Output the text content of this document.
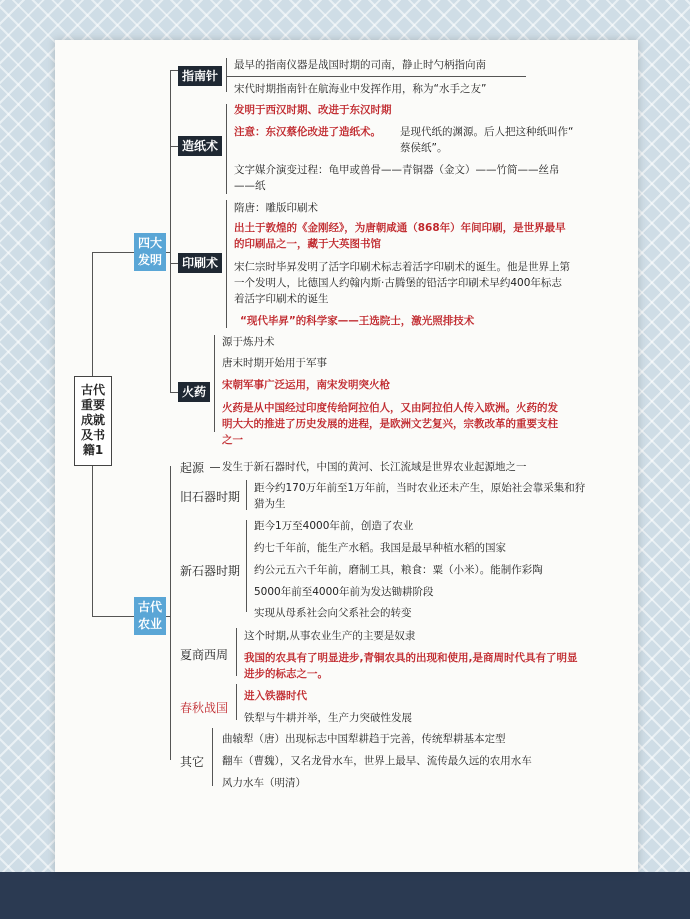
古代
重要
成就
及书
籍1
四大
发明
古代
农业
指南针
造纸术
印刷术
火药
最早的指南仪器是战国时期的司南，静止时勺柄指向南
宋代时期指南针在航海业中发挥作用，称为“水手之友”
发明于西汉时期、改进于东汉时期
注意：东汉蔡伦改进了造纸术。 是现代纸的渊源。后人把这种纸叫作“
蔡侯纸”。
文字媒介演变过程：龟甲或兽骨——青铜器（金文）——竹简——丝帛
——纸
隋唐：雕版印刷术
出土于敦煌的《金刚经》，为唐朝咸通（868年）年间印刷，是世界最早
的印刷品之一，藏于大英图书馆
宋仁宗时毕昇发明了活字印刷术标志着活字印刷术的诞生。他是世界上第
一个发明人，比德国人约翰内斯·古腾堡的铅活字印刷术早约400年标志
着活字印刷术的诞生
“现代毕昇”的科学家——王选院士，激光照排技术
源于炼丹术
唐末时期开始用于军事
宋朝军事广泛运用，南宋发明突火枪
火药是从中国经过印度传给阿拉伯人，又由阿拉伯人传入欧洲。火药的发
明大大的推进了历史发展的进程，是欧洲文艺复兴，宗教改革的重要支柱
之一
起源 发生于新石器时代，中国的黄河、长江流域是世界农业起源地之一
旧石器时期
距今约170万年前至1万年前，当时农业还未产生，原始社会靠采集和狩
猎为生
新石器时期
距今1万至4000年前，创造了农业
约七千年前，能生产水稻。我国是最早种植水稻的国家
约公元五六千年前，磨制工具，粮食：粟（小米）。能制作彩陶
5000年前至4000年前为发达锄耕阶段
实现从母系社会向父系社会的转变
夏商西周
这个时期,从事农业生产的主要是奴隶
我国的农具有了明显进步,青铜农具的出现和使用,是商周时代具有了明显
进步的标志之一。
春秋战国
进入铁器时代
铁犁与牛耕并举，生产力突破性发展
其它
曲辕犁（唐）出现标志中国犁耕趋于完善，传统犁耕基本定型
翻车（曹魏），又名龙骨水车，世界上最早、流传最久远的农用水车
风力水车（明清）
